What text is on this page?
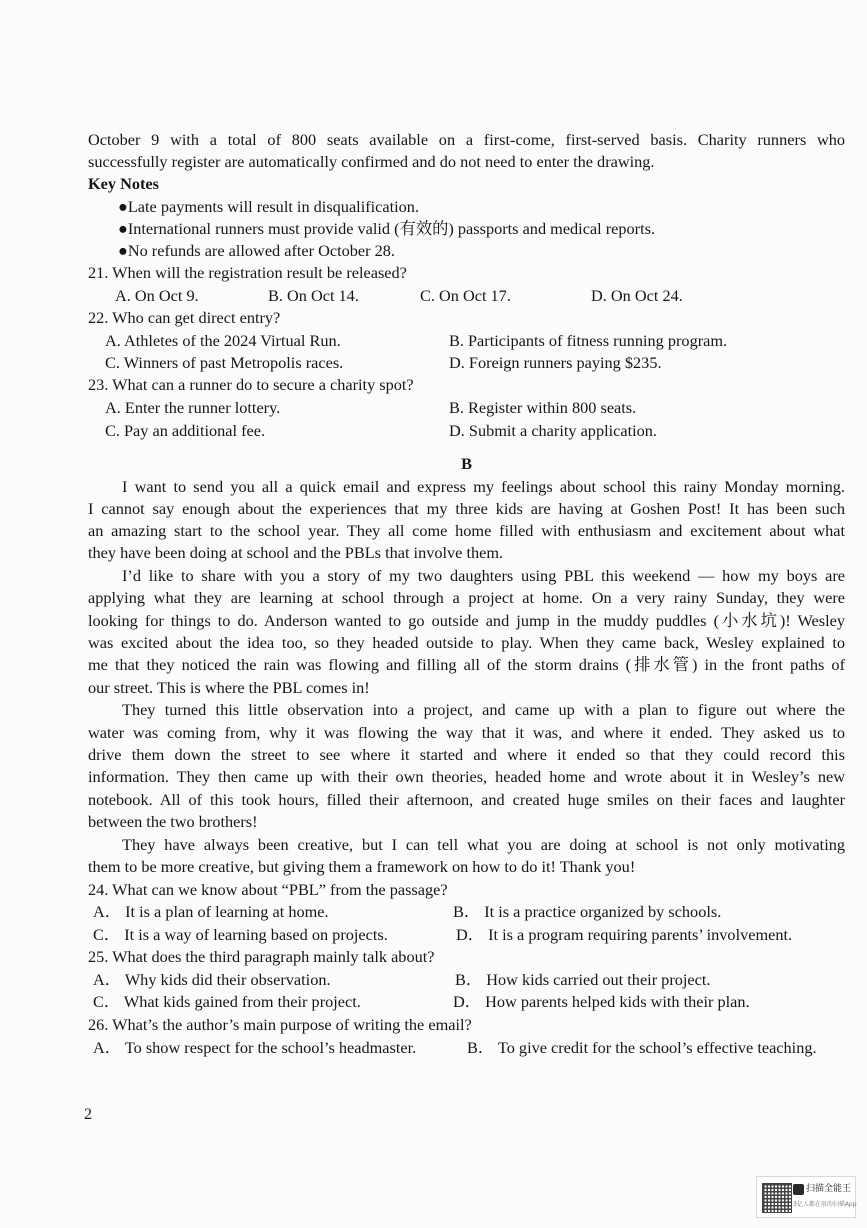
October 9 with a total of 800 seats available on a first-come, first-served basis. Charity runners who
successfully register are automatically confirmed and do not need to enter the drawing.
Key Notes
●Late payments will result in disqualification.
●International runners must provide valid (有效的) passports and medical reports.
●No refunds are allowed after October 28.
21. When will the registration result be released?
A. On Oct 9.	B. On Oct 14.	C. On Oct 17.	D. On Oct 24.
22. Who can get direct entry?
A. Athletes of the 2024 Virtual Run.	B. Participants of fitness running program.
C. Winners of past Metropolis races.	D. Foreign runners paying $235.
23. What can a runner do to secure a charity spot?
A. Enter the runner lottery.	B. Register within 800 seats.
C. Pay an additional fee.	D. Submit a charity application.
B
I want to send you all a quick email and express my feelings about school this rainy Monday morning.
I cannot say enough about the experiences that my three kids are having at Goshen Post! It has been such
an amazing start to the school year. They all come home filled with enthusiasm and excitement about what
they have been doing at school and the PBLs that involve them.
I’d like to share with you a story of my two daughters using PBL this weekend — how my boys are
applying what they are learning at school through a project at home. On a very rainy Sunday, they were
looking for things to do. Anderson wanted to go outside and jump in the muddy puddles (小水坑)! Wesley
was excited about the idea too, so they headed outside to play. When they came back, Wesley explained to
me that they noticed the rain was flowing and filling all of the storm drains (排水管) in the front paths of
our street. This is where the PBL comes in!
They turned this little observation into a project, and came up with a plan to figure out where the
water was coming from, why it was flowing the way that it was, and where it ended. They asked us to
drive them down the street to see where it started and where it ended so that they could record this
information. They then came up with their own theories, headed home and wrote about it in Wesley’s new
notebook. All of this took hours, filled their afternoon, and created huge smiles on their faces and laughter
between the two brothers!
They have always been creative, but I can tell what you are doing at school is not only motivating
them to be more creative, but giving them a framework on how to do it! Thank you!
24. What can we know about “PBL” from the passage?
A． It is a plan of learning at home.	B． It is a practice organized by schools.
C． It is a way of learning based on projects.	D． It is a program requiring parents’ involvement.
25. What does the third paragraph mainly talk about?
A． Why kids did their observation.	B． How kids carried out their project.
C． What kids gained from their project.	D． How parents helped kids with their plan.
26. What’s the author’s main purpose of writing the email?
A． To show respect for the school’s headmaster.	B． To give credit for the school’s effective teaching.
2
扫描全能王
3亿人都在用的扫描App
